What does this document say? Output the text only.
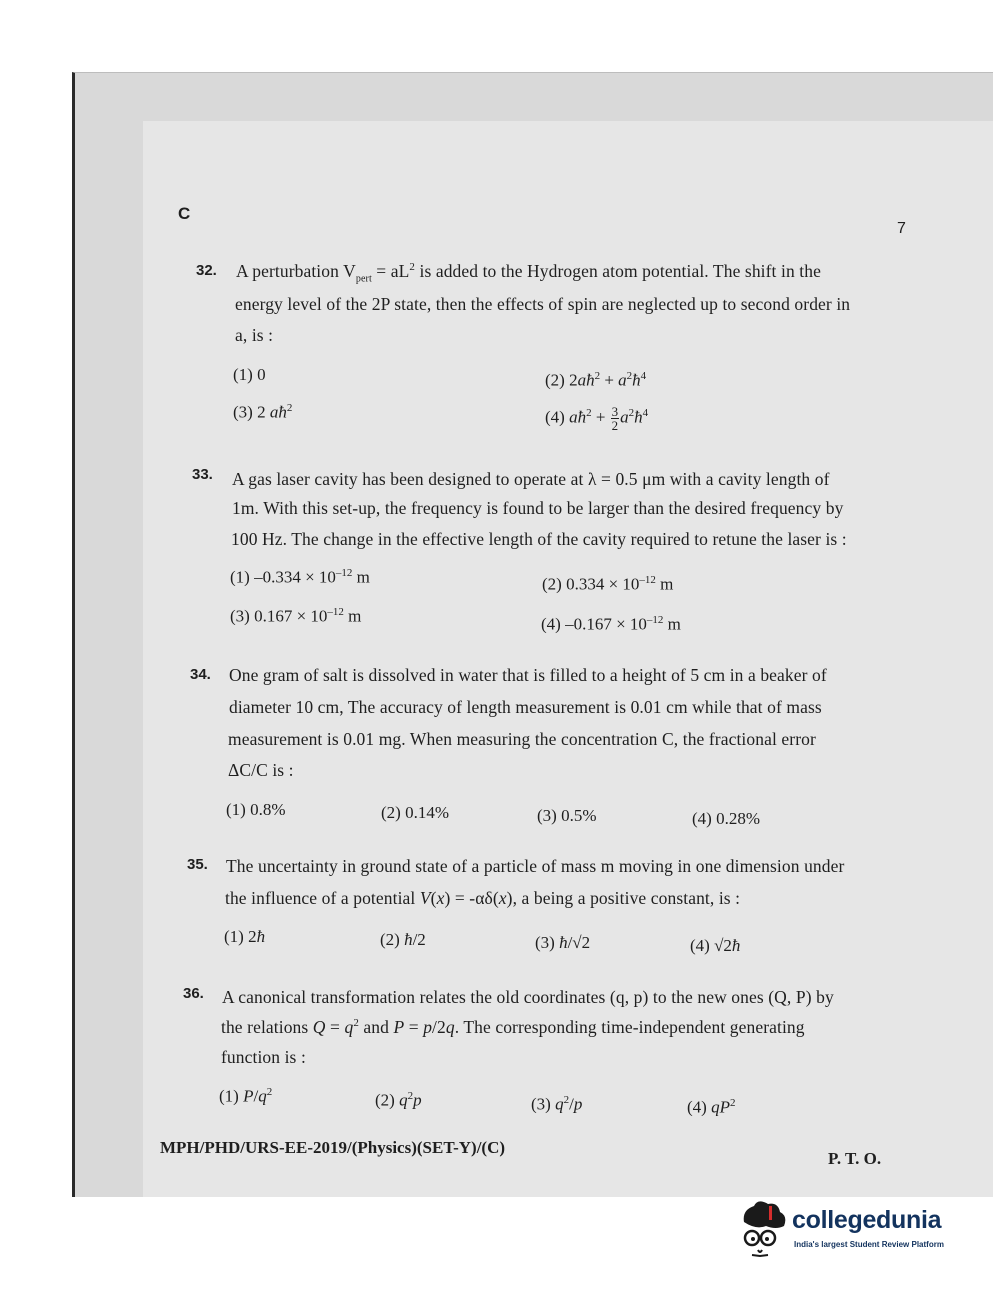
C
7
32. A perturbation $V_{pert} = aL^2$ is added to the Hydrogen atom potential. The shift in the
energy level of the 2P state, then the effects of spin are neglected up to second order in
a, is :
(1) 0	(2) $2aħ^2$ + $a^2ħ^4$
(3) 2 $aħ^2$	(4) $aħ^2 + \frac{3}{2}$ $a^2ħ^4$
33. A gas laser cavity has been designed to operate at λ = 0.5 μm with a cavity length of
1m. With this set-up, the frequency is found to be larger than the desired frequency by
100 Hz. The change in the effective length of the cavity required to retune the laser is :
(1) $-0.334 \times 10^{-12}$ m	(2) $0.334 \times 10^{-12}$ m
(3) $0.167 \times 10^{-12}$ m	(4) $-0.167 \times 10^{-12}$ m
34. One gram of salt is dissolved in water that is filled to a height of 5 cm in a beaker of
diameter 10 cm, The accuracy of length measurement is 0.01 cm while that of mass
measurement is 0.01 mg. When measuring the concentration C, the fractional error
ΔC/C is :
(1) 0.8%	(2) 0.14%	(3) 0.5%	(4) 0.28%
35. The uncertainty in ground state of a particle of mass m moving in one dimension under
the influence of a potential V(x) = -αδ(x), a being a positive constant, is :
(1) 2ħ	(2) ħ/2	(3) ħ/√2	(4) √2ħ
36. A canonical transformation relates the old coordinates (q, p) to the new ones (Q, P) by
the relations $Q = q^2$ and P = p/2q. The corresponding time-independent generating
function is :
(1) $P/q^2$	(2) $q^2p$	(3) $q^2/p$	(4) $qP^2$
MPH/PHD/URS-EE-2019/(Physics)(SET-Y)/(C)
P. T. O.
collegedunia
India's largest Student Review Platform
